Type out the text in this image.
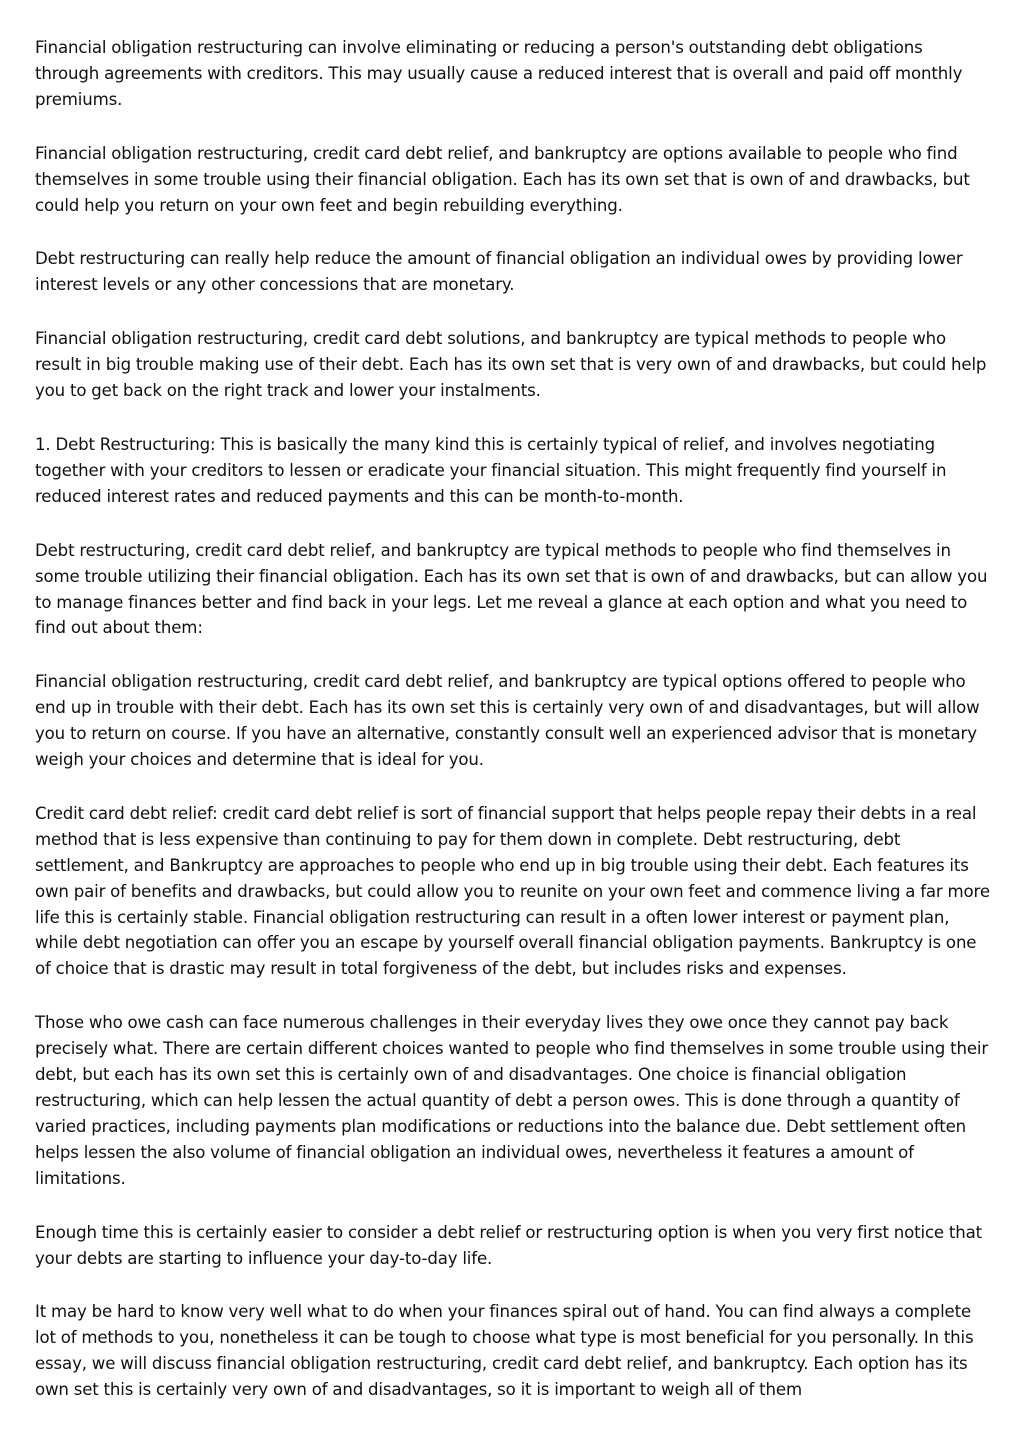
Financial obligation restructuring can involve eliminating or reducing a person's outstanding debt obligations through agreements with creditors. This may usually cause a reduced interest that is overall and paid off monthly premiums.

Financial obligation restructuring, credit card debt relief, and bankruptcy are options available to people who find themselves in some trouble using their financial obligation. Each has its own set that is own of and drawbacks, but could help you return on your own feet and begin rebuilding everything.

Debt restructuring can really help reduce the amount of financial obligation an individual owes by providing lower interest levels or any other concessions that are monetary.

Financial obligation restructuring, credit card debt solutions, and bankruptcy are typical methods to people who result in big trouble making use of their debt. Each has its own set that is very own of and drawbacks, but could help you to get back on the right track and lower your instalments.

1. Debt Restructuring: This is basically the many kind this is certainly typical of relief, and involves negotiating together with your creditors to lessen or eradicate your financial situation. This might frequently find yourself in reduced interest rates and reduced payments and this can be month-to-month.

Debt restructuring, credit card debt relief, and bankruptcy are typical methods to people who find themselves in some trouble utilizing their financial obligation. Each has its own set that is own of and drawbacks, but can allow you to manage finances better and find back in your legs. Let me reveal a glance at each option and what you need to find out about them:

Financial obligation restructuring, credit card debt relief, and bankruptcy are typical options offered to people who end up in trouble with their debt. Each has its own set this is certainly very own of and disadvantages, but will allow you to return on course. If you have an alternative, constantly consult well an experienced advisor that is monetary weigh your choices and determine that is ideal for you.

Credit card debt relief: credit card debt relief is sort of financial support that helps people repay their debts in a real method that is less expensive than continuing to pay for them down in complete. Debt restructuring, debt settlement, and Bankruptcy are approaches to people who end up in big trouble using their debt. Each features its own pair of benefits and drawbacks, but could allow you to reunite on your own feet and commence living a far more life this is certainly stable. Financial obligation restructuring can result in a often lower interest or payment plan, while debt negotiation can offer you an escape by yourself overall financial obligation payments. Bankruptcy is one of choice that is drastic may result in total forgiveness of the debt, but includes risks and expenses.

Those who owe cash can face numerous challenges in their everyday lives they owe once they cannot pay back precisely what. There are certain different choices wanted to people who find themselves in some trouble using their debt, but each has its own set this is certainly own of and disadvantages. One choice is financial obligation restructuring, which can help lessen the actual quantity of debt a person owes. This is done through a quantity of varied practices, including payments plan modifications or reductions into the balance due. Debt settlement often helps lessen the also volume of financial obligation an individual owes, nevertheless it features a amount of limitations.

Enough time this is certainly easier to consider a debt relief or restructuring option is when you very first notice that your debts are starting to influence your day-to-day life.

It may be hard to know very well what to do when your finances spiral out of hand. You can find always a complete lot of methods to you, nonetheless it can be tough to choose what type is most beneficial for you personally. In this essay, we will discuss financial obligation restructuring, credit card debt relief, and bankruptcy. Each option has its own set this is certainly very own of and disadvantages, so it is important to weigh all of them
